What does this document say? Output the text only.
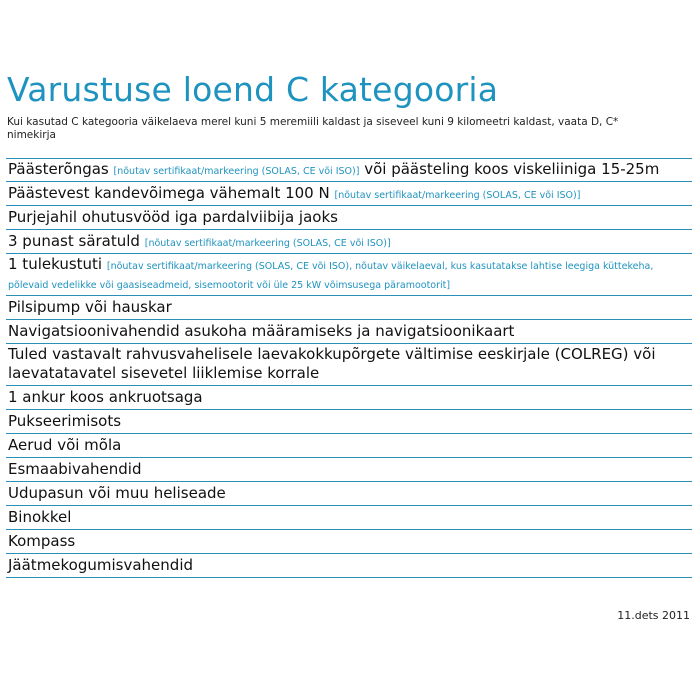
Varustuse loend C kategooria
Kui kasutad C kategooria väikelaeva merel kuni 5 meremiili kaldast ja siseveel kuni 9 kilomeetri kaldast, vaata D, C* nimekirja
Päästerõngas [nõutav sertifikaat/markeering (SOLAS, CE või ISO)] või päästeling koos viskeliiniga 15-25m
Päästevest kandevõimega vähemalt 100 N [nõutav sertifikaat/markeering (SOLAS, CE või ISO)]
Purjejahil ohutusvööd iga pardalviibija jaoks
3 punast säratuld [nõutav sertifikaat/markeering (SOLAS, CE või ISO)]
1 tulekustuti [nõutav sertifikaat/markeering (SOLAS, CE või ISO), nõutav väikelaeval, kus kasutatakse lahtise leegiga küttekeha, põlevaid vedelikke või gaasiseadmeid, sisemootorit või üle 25 kW võimsusega päramootorit]
Pilsipump või hauskar
Navigatsioonivahendid asukoha määramiseks ja navigatsioonikaart
Tuled vastavalt rahvusvahelisele laevakokkupõrgete vältimise eeskirjale (COLREG) või laevatatavatel sisevetel liiklemise korrale
1 ankur koos ankruotsaga
Pukseerimisots
Aerud või mõla
Esmaabivahendid
Udupasun või muu heliseade
Binokkel
Kompass
Jäätmekogumisvahendid
11.dets 2011
